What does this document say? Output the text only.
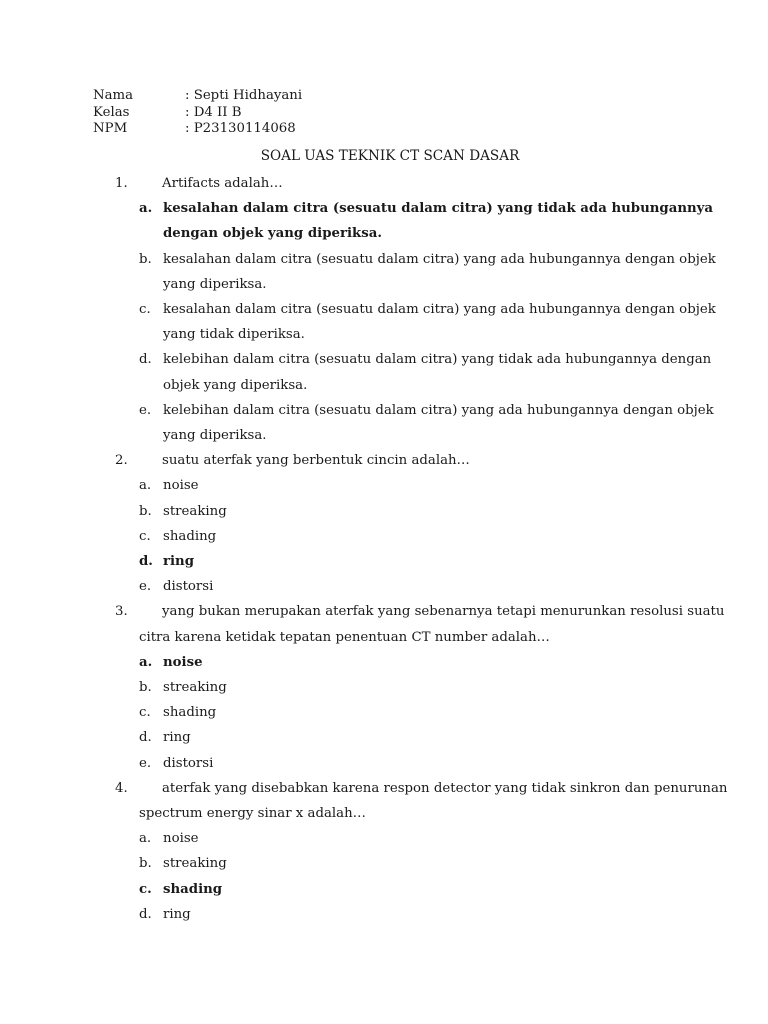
Nama	: Septi Hidhayani
Kelas	: D4 II B
NPM	: P23130114068
SOAL UAS TEKNIK CT SCAN DASAR
1.	Artifacts adalah…
a. kesalahan dalam citra (sesuatu dalam citra) yang tidak ada hubungannya
dengan objek yang diperiksa.
b. kesalahan dalam citra (sesuatu dalam citra) yang ada hubungannya dengan objek
yang diperiksa.
c. kesalahan dalam citra (sesuatu dalam citra) yang ada hubungannya dengan objek
yang tidak diperiksa.
d. kelebihan dalam citra (sesuatu dalam citra) yang tidak ada hubungannya dengan
objek yang diperiksa.
e. kelebihan dalam citra (sesuatu dalam citra) yang ada hubungannya dengan objek
yang diperiksa.
2.	suatu aterfak yang berbentuk cincin adalah…
a. noise
b. streaking
c. shading
d. ring
e. distorsi
3.	yang bukan merupakan aterfak yang sebenarnya tetapi menurunkan resolusi suatu
citra karena ketidak tepatan penentuan CT number adalah…
a. noise
b. streaking
c. shading
d. ring
e. distorsi
4.	aterfak yang disebabkan karena respon detector yang tidak sinkron dan penurunan
spectrum energy sinar x adalah…
a. noise
b. streaking
c. shading
d. ring
